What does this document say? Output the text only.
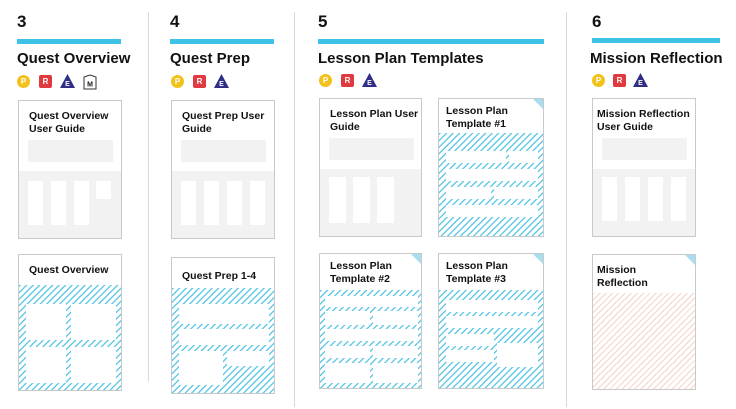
3
Quest Overview
P	R	E M
Quest Overview User Guide
Quest Overview
4
Quest Prep
P	R	E
Quest Prep User Guide
Quest Prep 1-4
5
Lesson Plan Templates
P	R	E
Lesson Plan User Guide
Lesson Plan Template #1
Lesson Plan Template #2
Lesson Plan Template #3
6
Mission Reflection
P	R	E
Mission Reflection User Guide
Mission Reflection
